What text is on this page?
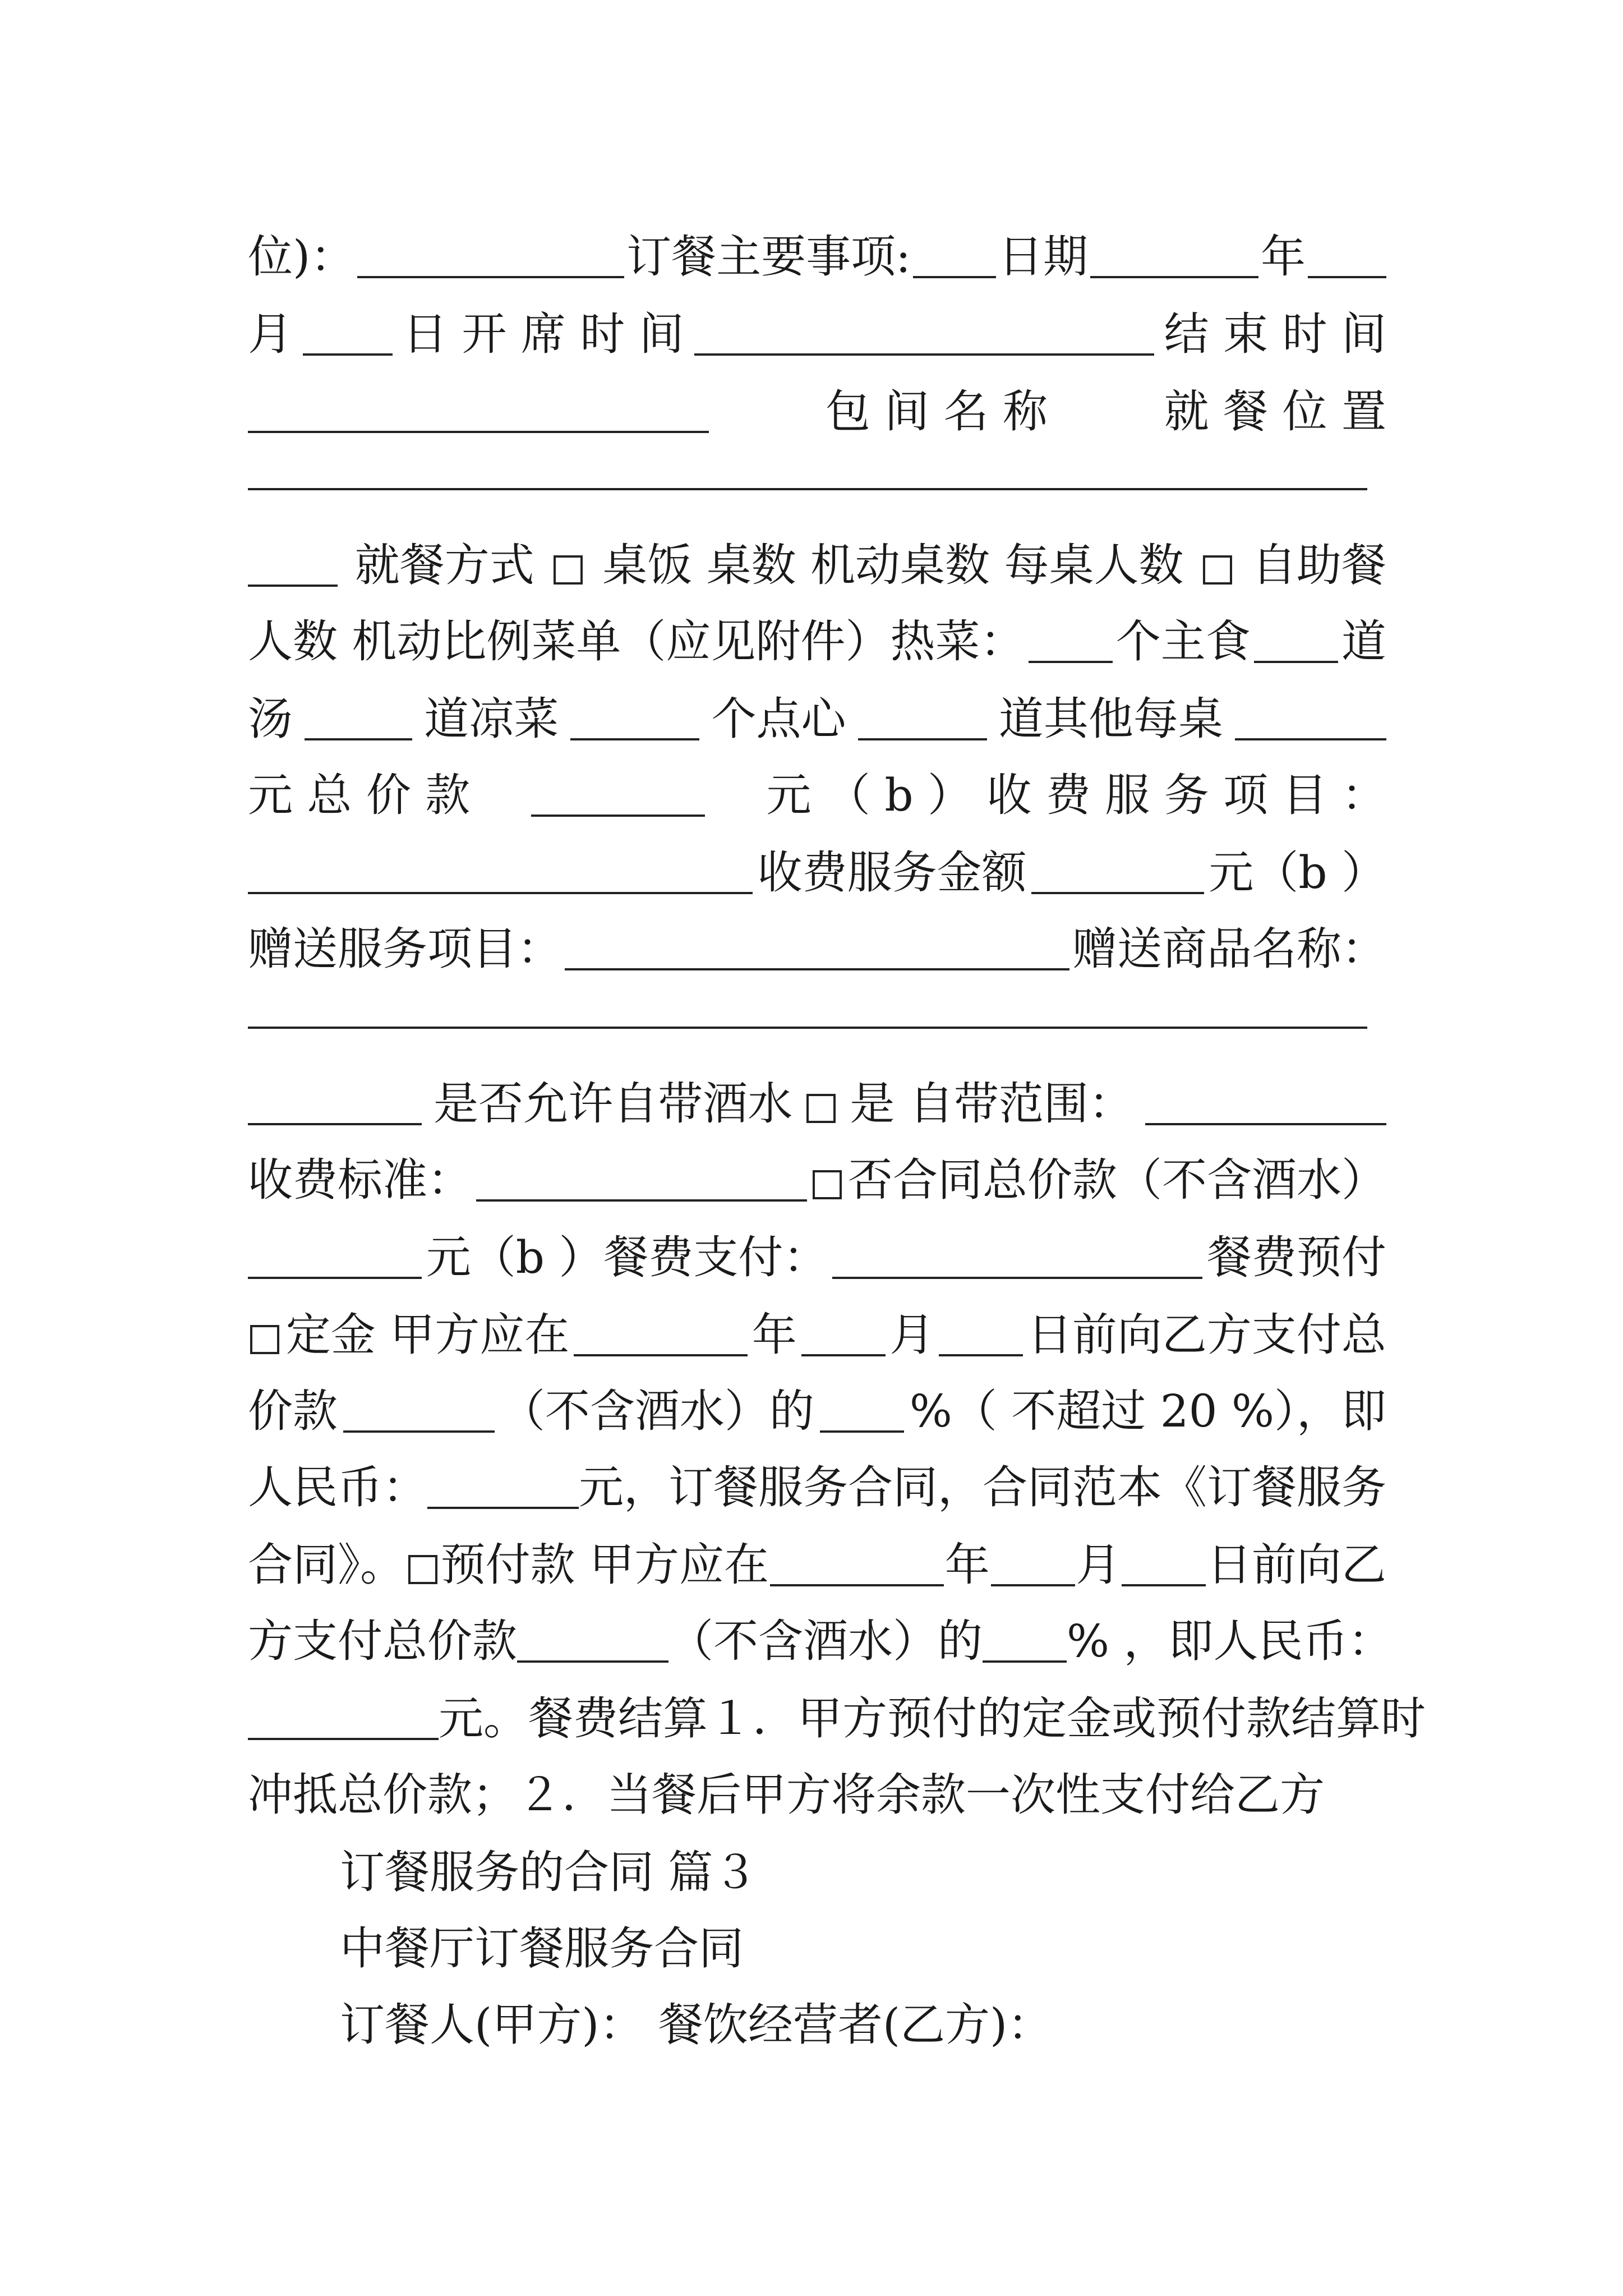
位)：	订餐主要事项: 日期	年
月 日 开 席 时 间	结 束 时 间
包 间 名 称	就 餐 位 置
就餐方式 桌饭 桌数 机动桌数 每桌人数 自助餐
人数 机动比例菜单（应见附件）热菜： 个主食 道
汤	道凉菜	个点心	道其他每桌
元 总 价 款	元 （ b ） 收 费 服 务 项 目 ：
收费服务金额	元（b ）
赠送服务项目：	赠送商品名称：
是否允许自带酒水 是 自带范围：
收费标准：	否合同总价款（不含酒水）
元（b ）餐费支付：	餐费预付
定金 甲方应在	年 月 日前向乙方支付总
价款	（不含酒水）的 %（ 不超过 20 %），即
人民币：	元，订餐服务合同，合同范本《订餐服务
合同》。 预付款 甲方应在	年 月 日前向乙
方支付总价款	（不含酒水）的 % ，即人民币：
元。餐费结算１．甲方预付的定金或预付款结算时
冲抵总价款；２．当餐后甲方将余款一次性支付给乙方
订餐服务的合同 篇３
中餐厅订餐服务合同
订餐人(甲方)： 餐饮经营者(乙方)：
